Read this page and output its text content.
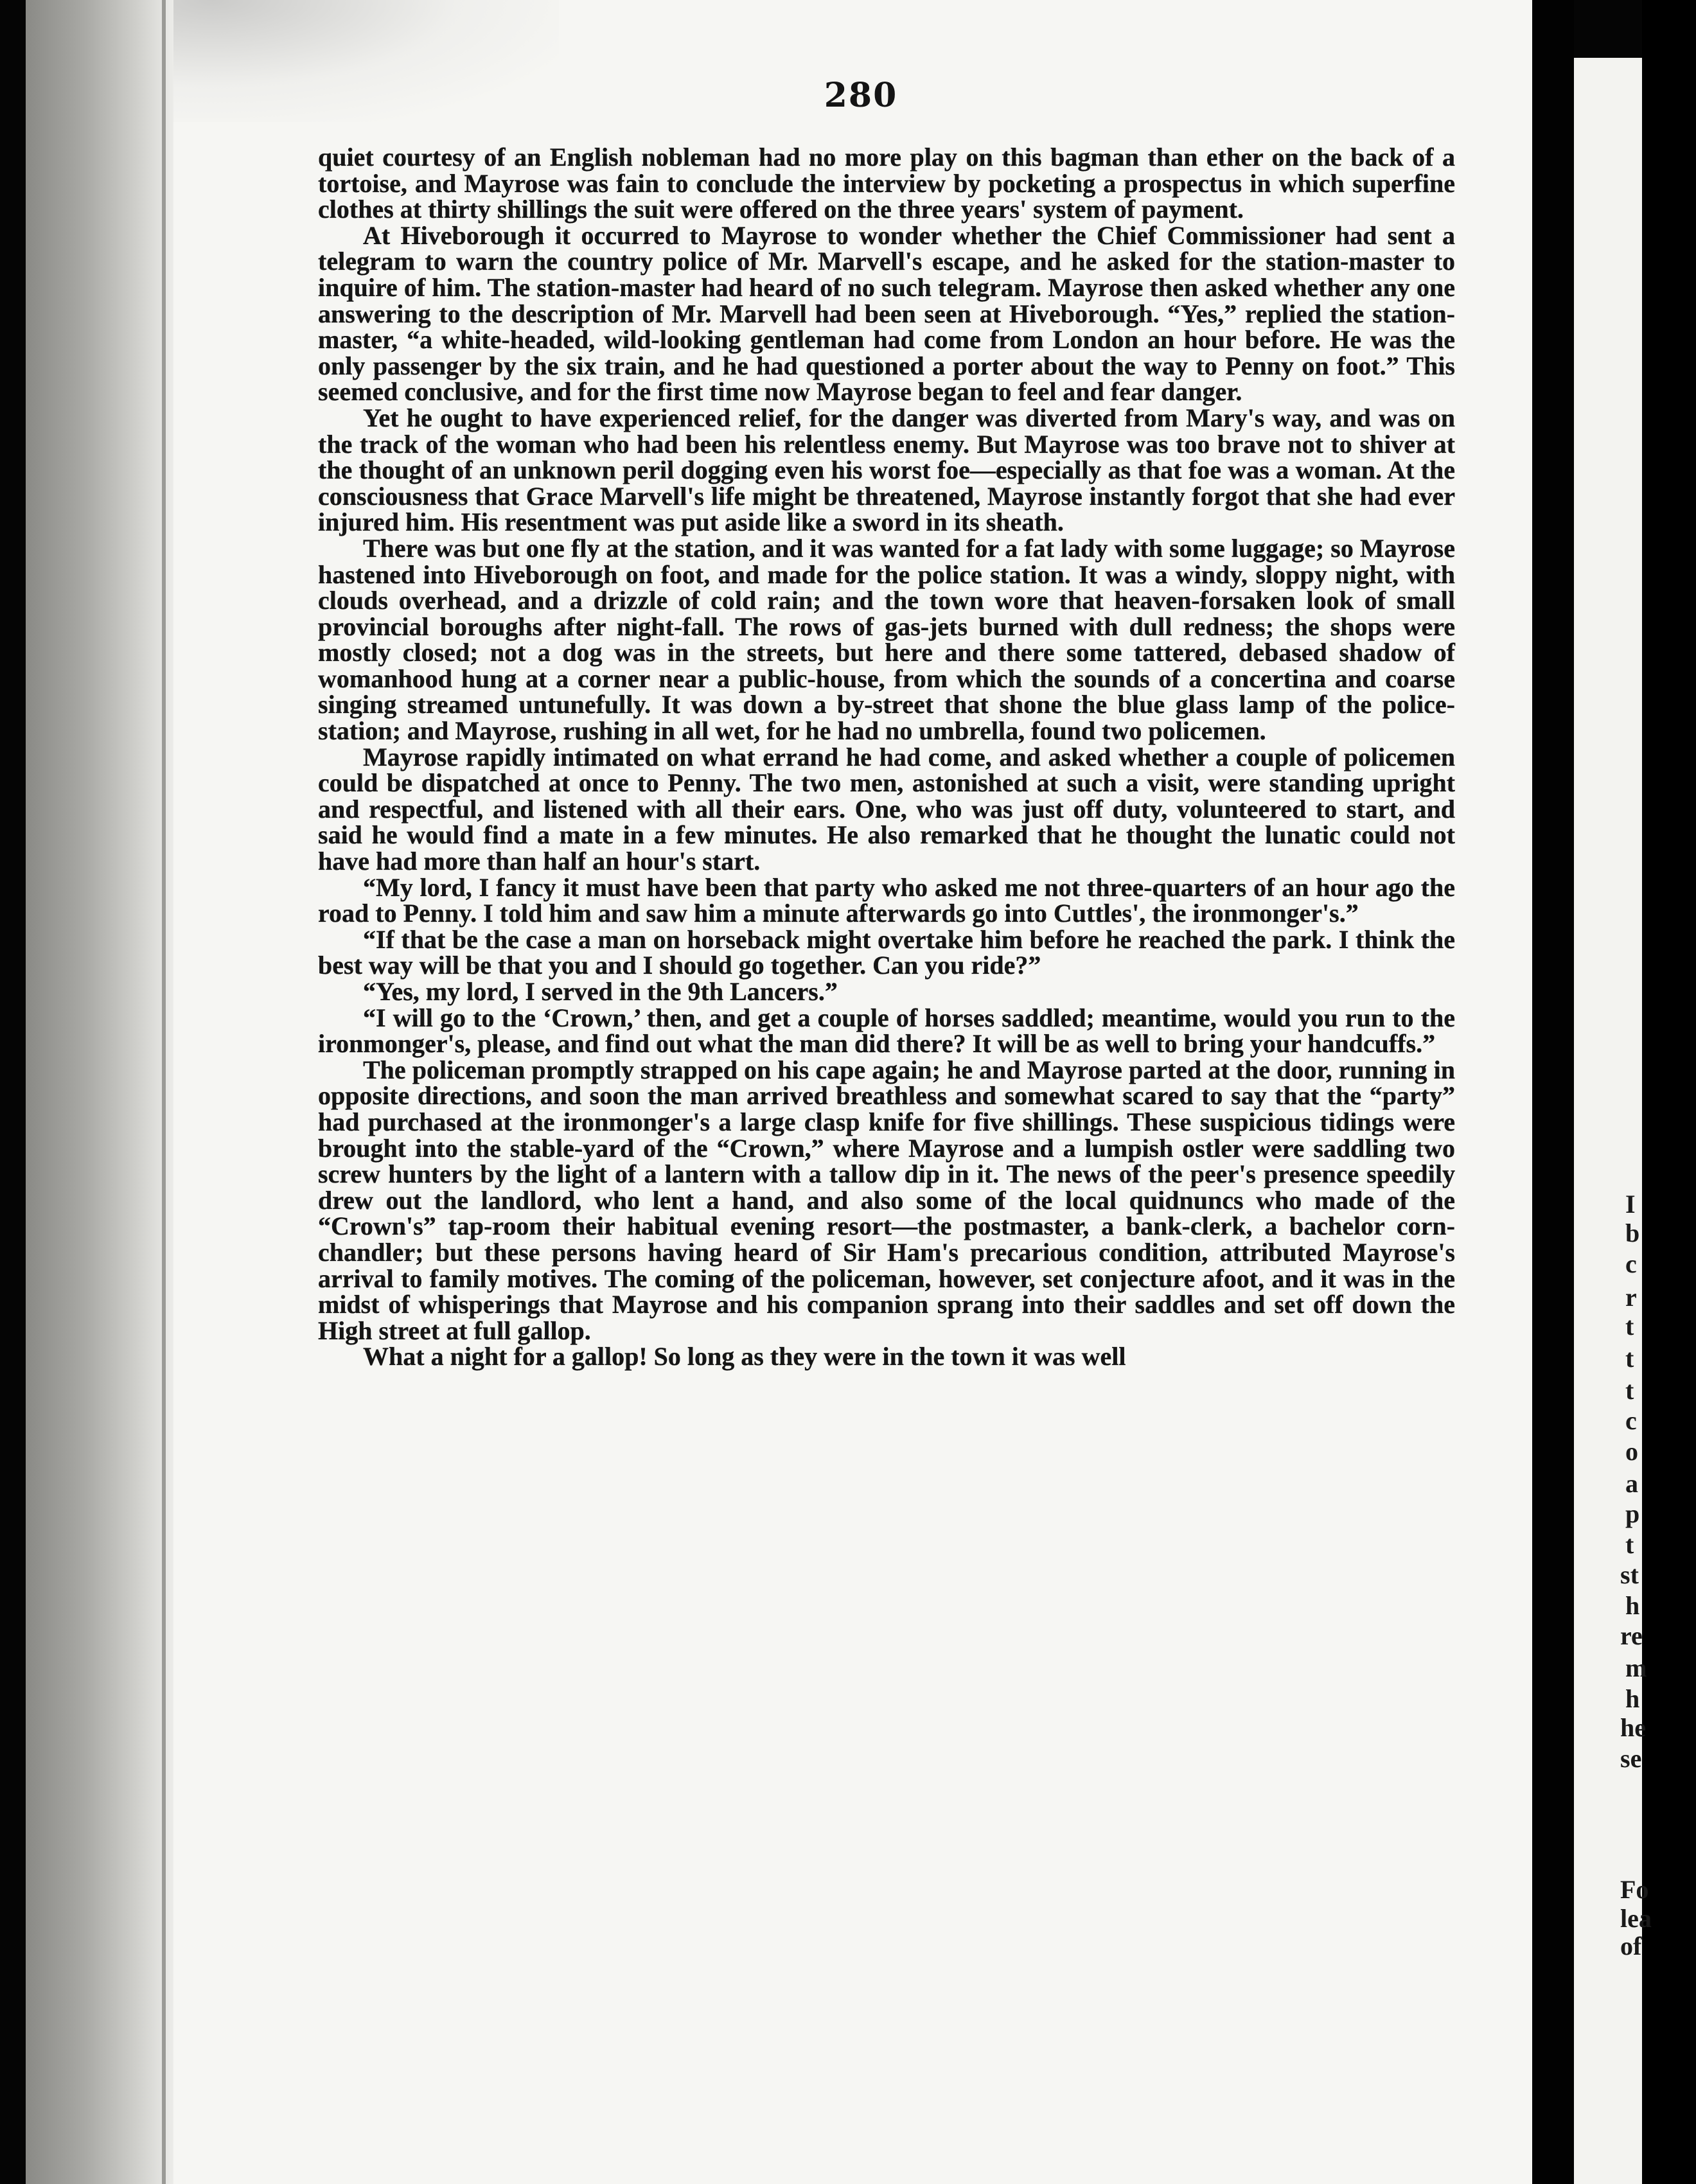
280

quiet courtesy of an English nobleman had no more play on this bagman than ether on the back of a tortoise, and Mayrose was fain to conclude the interview by pocketing a prospectus in which superfine clothes at thirty shillings the suit were offered on the three years' system of payment.

At Hiveborough it occurred to Mayrose to wonder whether the Chief Commissioner had sent a telegram to warn the country police of Mr. Marvell's escape, and he asked for the station-master to inquire of him. The station-master had heard of no such telegram. Mayrose then asked whether any one answering to the description of Mr. Marvell had been seen at Hiveborough. “Yes,” replied the station-master, “a white-headed, wild-looking gentleman had come from London an hour before. He was the only passenger by the six train, and he had questioned a porter about the way to Penny on foot.” This seemed conclusive, and for the first time now Mayrose began to feel and fear danger.

Yet he ought to have experienced relief, for the danger was diverted from Mary's way, and was on the track of the woman who had been his relentless enemy. But Mayrose was too brave not to shiver at the thought of an unknown peril dogging even his worst foe—especially as that foe was a woman. At the consciousness that Grace Marvell's life might be threatened, Mayrose instantly forgot that she had ever injured him. His resentment was put aside like a sword in its sheath.

There was but one fly at the station, and it was wanted for a fat lady with some luggage; so Mayrose hastened into Hiveborough on foot, and made for the police station. It was a windy, sloppy night, with clouds overhead, and a drizzle of cold rain; and the town wore that heaven-forsaken look of small provincial boroughs after night-fall. The rows of gas-jets burned with dull redness; the shops were mostly closed; not a dog was in the streets, but here and there some tattered, debased shadow of womanhood hung at a corner near a public-house, from which the sounds of a concertina and coarse singing streamed untunefully. It was down a by-street that shone the blue glass lamp of the police-station; and Mayrose, rushing in all wet, for he had no umbrella, found two policemen.

Mayrose rapidly intimated on what errand he had come, and asked whether a couple of policemen could be dispatched at once to Penny. The two men, astonished at such a visit, were standing upright and respectful, and listened with all their ears. One, who was just off duty, volunteered to start, and said he would find a mate in a few minutes. He also remarked that he thought the lunatic could not have had more than half an hour's start.

“My lord, I fancy it must have been that party who asked me not three-quarters of an hour ago the road to Penny. I told him and saw him a minute afterwards go into Cuttles', the ironmonger's.”

“If that be the case a man on horseback might overtake him before he reached the park. I think the best way will be that you and I should go together. Can you ride?”

“Yes, my lord, I served in the 9th Lancers.”

“I will go to the ‘Crown,’ then, and get a couple of horses saddled; meantime, would you run to the ironmonger's, please, and find out what the man did there? It will be as well to bring your handcuffs.”

The policeman promptly strapped on his cape again; he and Mayrose parted at the door, running in opposite directions, and soon the man arrived breathless and somewhat scared to say that the “party” had purchased at the ironmonger's a large clasp knife for five shillings. These suspicious tidings were brought into the stable-yard of the “Crown,” where Mayrose and a lumpish ostler were saddling two screw hunters by the light of a lantern with a tallow dip in it. The news of the peer's presence speedily drew out the landlord, who lent a hand, and also some of the local quidnuncs who made of the “Crown's” tap-room their habitual evening resort—the postmaster, a bank-clerk, a bachelor corn-chandler; but these persons having heard of Sir Ham's precarious condition, attributed Mayrose's arrival to family motives. The coming of the policeman, however, set conjecture afoot, and it was in the midst of whisperings that Mayrose and his companion sprang into their saddles and set off down the High street at full gallop.

What a night for a gallop! So long as they were in the town it was well

I
b
c
r
t
t
t
c
o
a
p
t
st
h
re
m
h
he
se
Fo
lea
of
